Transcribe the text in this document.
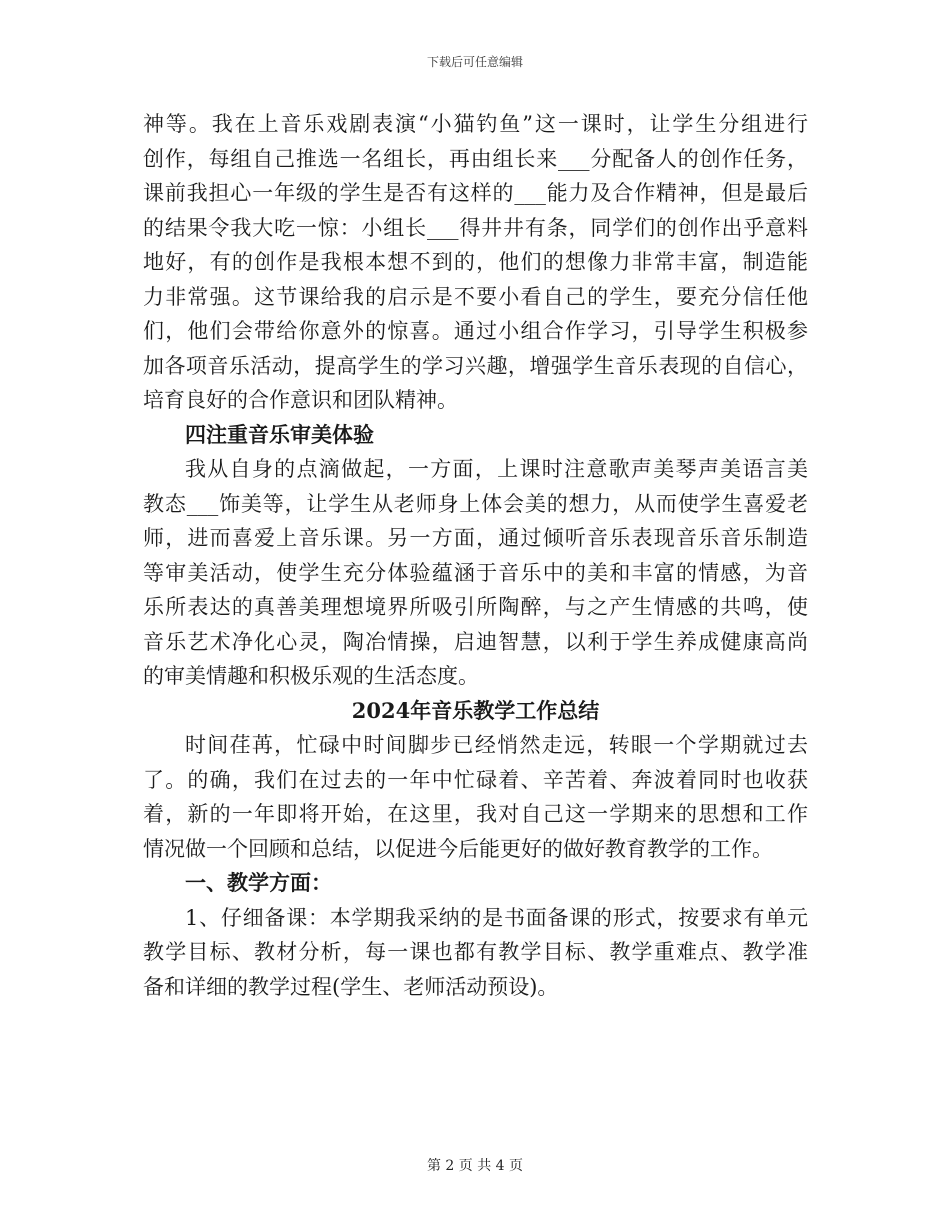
下载后可任意编辑
神等。我在上音乐戏剧表演“小猫钓鱼”这一课时，让学生分组进行
创作，每组自己推选一名组长，再由组长来___分配备人的创作任务，
课前我担心一年级的学生是否有这样的___能力及合作精神，但是最后
的结果令我大吃一惊：小组长___得井井有条，同学们的创作出乎意料
地好，有的创作是我根本想不到的，他们的想像力非常丰富，制造能
力非常强。这节课给我的启示是不要小看自己的学生，要充分信任他
们，他们会带给你意外的惊喜。通过小组合作学习，引导学生积极参
加各项音乐活动，提高学生的学习兴趣，增强学生音乐表现的自信心，
培育良好的合作意识和团队精神。
四注重音乐审美体验
我从自身的点滴做起，一方面，上课时注意歌声美琴声美语言美
教态___饰美等，让学生从老师身上体会美的想力，从而使学生喜爱老
师，进而喜爱上音乐课。另一方面，通过倾听音乐表现音乐音乐制造
等审美活动，使学生充分体验蕴涵于音乐中的美和丰富的情感，为音
乐所表达的真善美理想境界所吸引所陶醉，与之产生情感的共鸣，使
音乐艺术净化心灵，陶冶情操，启迪智慧，以利于学生养成健康高尚
的审美情趣和积极乐观的生活态度。
2024年音乐教学工作总结
时间荏苒，忙碌中时间脚步已经悄然走远，转眼一个学期就过去
了。的确，我们在过去的一年中忙碌着、辛苦着、奔波着同时也收获
着，新的一年即将开始，在这里，我对自己这一学期来的思想和工作
情况做一个回顾和总结，以促进今后能更好的做好教育教学的工作。
一、教学方面：
1、仔细备课：本学期我采纳的是书面备课的形式，按要求有单元
教学目标、教材分析，每一课也都有教学目标、教学重难点、教学准
备和详细的教学过程(学生、老师活动预设)。
第 2 页 共 4 页
